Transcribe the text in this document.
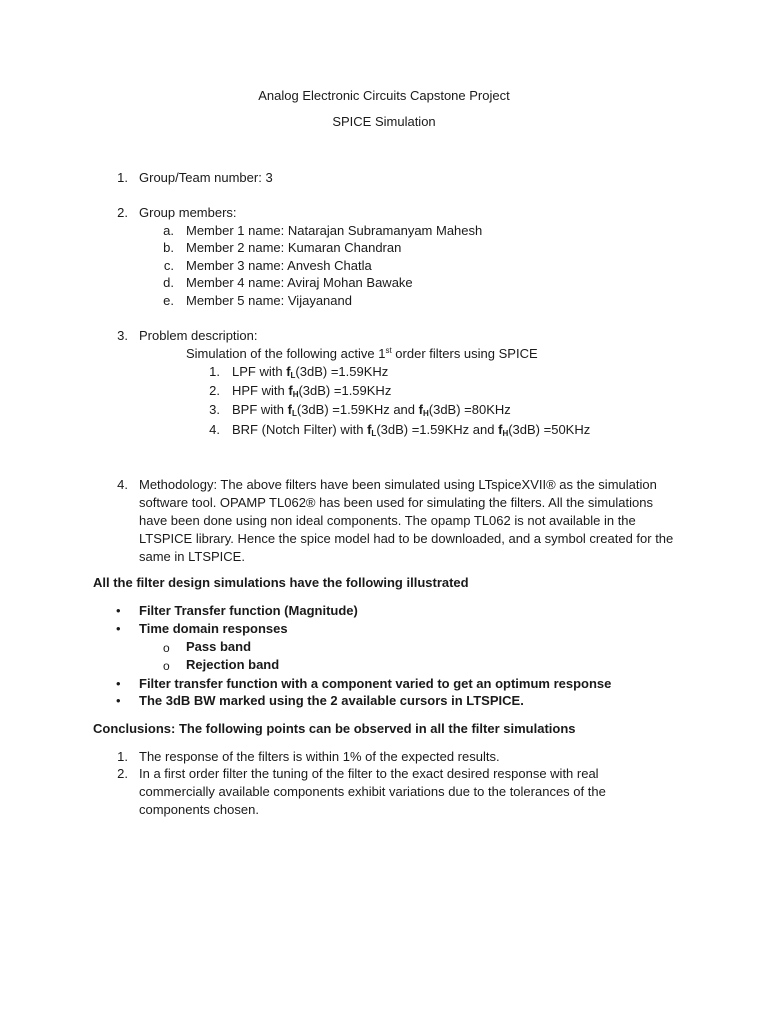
Analog Electronic Circuits Capstone Project
SPICE Simulation
1. Group/Team number: 3
2. Group members:
a. Member 1 name: Natarajan Subramanyam Mahesh
b. Member 2 name: Kumaran Chandran
c. Member 3 name: Anvesh Chatla
d. Member 4 name: Aviraj Mohan Bawake
e. Member 5 name: Vijayanand
3. Problem description:
Simulation of the following active 1st order filters using SPICE
1. LPF with $f_L(3dB) =1.59KHz$
2. HPF with $f_H(3dB) =1.59KHz$
3. BPF with $f_L(3dB) =1.59KHz$ and $f_H(3dB) =80KHz$
4. BRF (Notch Filter) with $f_L(3dB) =1.59KHz$ and $f_H(3dB) =50KHz$
4. Methodology: The above filters have been simulated using LTspiceXVII® as the simulation software tool. OPAMP TL062® has been used for simulating the filters. All the simulations have been done using non ideal components. The opamp TL062 is not available in the LTSPICE library. Hence the spice model had to be downloaded, and a symbol created for the same in LTSPICE.
All the filter design simulations have the following illustrated
• Filter Transfer function (Magnitude)
• Time domain responses
o Pass band
o Rejection band
• Filter transfer function with a component varied to get an optimum response
• The 3dB BW marked using the 2 available cursors in LTSPICE.
Conclusions: The following points can be observed in all the filter simulations
1. The response of the filters is within 1% of the expected results.
2. In a first order filter the tuning of the filter to the exact desired response with real commercially available components exhibit variations due to the tolerances of the components chosen.
